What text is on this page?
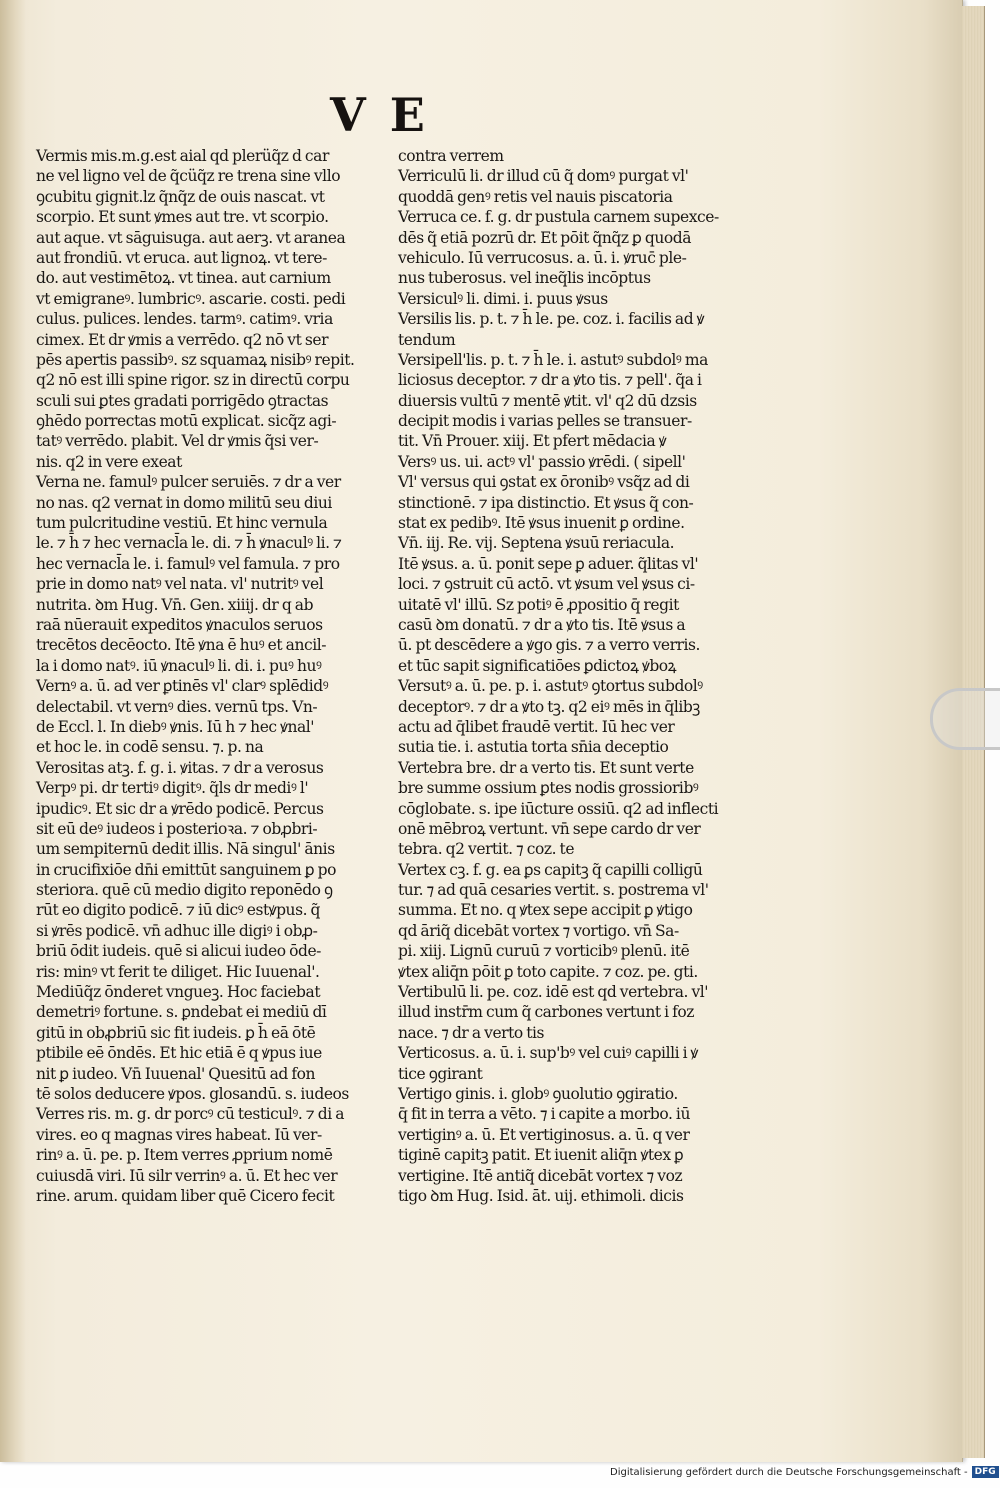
V E
Vermis mis.m.g.est aial qd plerüq̃z d car
ne vel ligno vel de q̃cüq̃z re trena sine vllo
ꝯcubitu gignit.lz q̃nq̃z de ouis nascat. vt
scorpio. Et sunt ꝟmes aut tre. vt scorpio.
aut aque. vt sāguisuga. aut aerꝫ. vt aranea
aut frondiū. vt eruca. aut lignoꝝ. vt tere-
do. aut vestimētoꝝ. vt tinea. aut carnium
vt emigraneꝰ. lumbricꝰ. ascarie. costi. pedi
culus. pulices. lendes. tarmꝰ. catimꝰ. vria
cimex. Et dr ꝟmis a verrēdo. q2 nō vt ser
pēs apertis passibꝰ. sz squamaꝝ nisibꝰ repit.
q2 nō est illi spine rigor. sz in directū corpu
sculi sui ꝑtes gradati porrigēdo ꝯtractas
ꝯhēdo porrectas motū explicat. sicq̃z agi-
tatꝰ verrēdo. plabit. Vel dr ꝟmis q̃si ver-
nis. q2 in vere exeat
Verna ne. famulꝰ pulcer seruiēs. ⁊ dr a ver
no nas. q2 vernat in domo militū seu diui
tum pulcritudine vestiū. Et hinc vernula
le. ⁊ h̄ ⁊ hec vernacl̄a le. di. ⁊ h̄ ꝟnaculꝰ li. ⁊
hec vernacl̄a le. i. famulꝰ vel famula. ⁊ pro
prie in domo natꝰ vel nata. vl' nutritꝰ vel
nutrita. ꝺm Hug. Vn̄. Gen. xiiij. dr q ab
raā nūerauit expeditos ꝟnaculos seruos
trecētos decēocto. Itē ꝟna ē huꝰ et ancil-
la i domo natꝰ. iū ꝟnaculꝰ li. di. i. puꝰ huꝰ
Vernꝰ a. ū. ad ver ꝑtinēs vl' clarꝰ splēdidꝰ
delectabil. vt vernꝰ dies. vernū tps. Vn-
de Eccl. l. In diebꝰ ꝟnis. Iū h ⁊ hec ꝟnal'
et hoc le. in codē sensu. ⁊. p. na
Verositas atꝫ. f. g. i. ꝟitas. ⁊ dr a verosus
Verpꝰ pi. dr tertiꝰ digitꝰ. q̃ls dr mediꝰ l'
ipudicꝰ. Et sic dr a ꝟrēdo podicē. Percus
sit eū deꝰ iudeos i posterioꝛa. ⁊ obꝓbri-
um sempiternū dedit illis. Nā singul' ānis
in crucifixiōe dn̄i emittūt sanguinem ꝑ po
steriora. quē cū medio digito reponēdo ꝯ
rūt eo digito podicē. ⁊ iū dicꝰ estꝟpus. q̃
si ꝟrēs podicē. vn̄ adhuc ille digiꝰ i obꝓ-
briū ōdit iudeis. quē si alicui iudeo ōde-
ris: minꝰ vt ferit te diliget. Hic Iuuenal'.
Mediūq̃z ōnderet vngueꝫ. Hoc faciebat
demetriꝰ fortune. s. ꝑndebat ei mediū dī
gitū in obꝓbriū sic fit iudeis. ꝑ h̄ eā ōtē
ptibile eē ōndēs. Et hic etiā ē q ꝟpus iue
nit ꝑ iudeo. Vn̄ Iuuenal' Quesitū ad fon
tē solos deducere ꝟpos. glosandū. s. iudeos
Verres ris. m. g. dr porcꝰ cū testiculꝰ. ⁊ di a
vires. eo q magnas vires habeat. Iū ver-
rinꝰ a. ū. pe. p. Item verres ꝓprium nomē
cuiusdā viri. Iū silr verrinꝰ a. ū. Et hec ver
rine. arum. quidam liber quē Cicero fecit
contra verrem
Verriculū li. dr illud cū q̃ domꝰ purgat vl'
quoddā genꝰ retis vel nauis piscatoria
Verruca ce. f. g. dr pustula carnem supexce-
dēs q̃ etiā pozrū dr. Et pōit q̃nq̃z ꝑ quodā
vehiculo. Iū verrucosus. a. ū. i. ꝟruc̄ ple-
nus tuberosus. vel ineq̃lis incōptus
Versiculꝰ li. dimi. i. puus ꝟsus
Versilis lis. p. t. ⁊ h̄ le. pe. coz. i. facilis ad ꝟ
tendum
Versipell'lis. p. t. ⁊ h̄ le. i. astutꝰ subdolꝰ ma
liciosus deceptor. ⁊ dr a ꝟto tis. ⁊ pell'. q̃a i
diuersis vultū ⁊ mentē ꝟtit. vl' q2 dū dzsis
decipit modis i varias pelles se transuer-
tit. Vn̄ Prouer. xiij. Et pfert mēdacia ꝟ
Versꝰ us. ui. actꝰ vl' passio ꝟrēdi. ( sipell'
Vl' versus qui ꝯstat ex ōronibꝰ vsq̃z ad di
stinctionē. ⁊ ipa distinctio. Et ꝟsus q̃ con-
stat ex pedibꝰ. Itē ꝟsus inuenit ꝑ ordine.
Vn̄. iij. Re. vij. Septena ꝟsuū reriacula.
Itē ꝟsus. a. ū. ponit sepe ꝑ aduer. q̃litas vl'
loci. ⁊ ꝯstruit cū actō. vt ꝟsum vel ꝟsus ci-
uitatē vl' illū. Sz potiꝰ ē ꝓpositio q̄ regit
casū ꝺm donatū. ⁊ dr a ꝟto tis. Itē ꝟsus a
ū. pt descēdere a ꝟgo gis. ⁊ a verro verris.
et tūc sapit significatiōes ꝑdictoꝝ ꝟboꝝ
Versutꝰ a. ū. pe. p. i. astutꝰ ꝯtortus subdolꝰ
deceptorꝰ. ⁊ dr a ꝟto tꝫ. q2 eiꝰ mēs in q̄libꝫ
actu ad q̄libet fraudē vertit. Iū hec ver
sutia tie. i. astutia torta sn̄ia deceptio
Vertebra bre. dr a verto tis. Et sunt verte
bre summe ossium ꝑtes nodis grossioribꝰ
cōglobate. s. ipe iūcture ossiū. q2 ad inflecti
onē mēbroꝝ vertunt. vn̄ sepe cardo dr ver
tebra. q2 vertit. ⁊ coz. te
Vertex cꝫ. f. g. ea ꝑs capitꝫ q̃ capilli colligū
tur. ⁊ ad quā cesaries vertit. s. postrema vl'
summa. Et no. q ꝟtex sepe accipit ꝑ ꝟtigo
qd āriq̃ dicebāt vortex ⁊ vortigo. vn̄ Sa-
pi. xiij. Lignū curuū ⁊ vorticibꝰ plenū. itē
ꝟtex aliq̄n pōit ꝑ toto capite. ⁊ coz. pe. gti.
Vertibulū li. pe. coz. idē est qd vertebra. vl'
illud instr̄m cum q̃ carbones vertunt i foz
nace. ⁊ dr a verto tis
Verticosus. a. ū. i. sup'bꝰ vel cuiꝰ capilli i ꝟ
tice ꝯgirant
Vertigo ginis. i. globꝰ ꝯuolutio ꝯgiratio.
q̄ fit in terra a vēto. ⁊ i capite a morbo. iū
vertiginꝰ a. ū. Et vertiginosus. a. ū. q ver
tiginē capitꝫ patit. Et iuenit aliq̄n ꝟtex ꝑ
vertigine. Itē antiq̃ dicebāt vortex ⁊ voz
tigo ꝺm Hug. Isid. āt. uij. ethimoli. dicis
Digitalisierung gefördert durch die Deutsche Forschungsgemeinschaft - DFG
